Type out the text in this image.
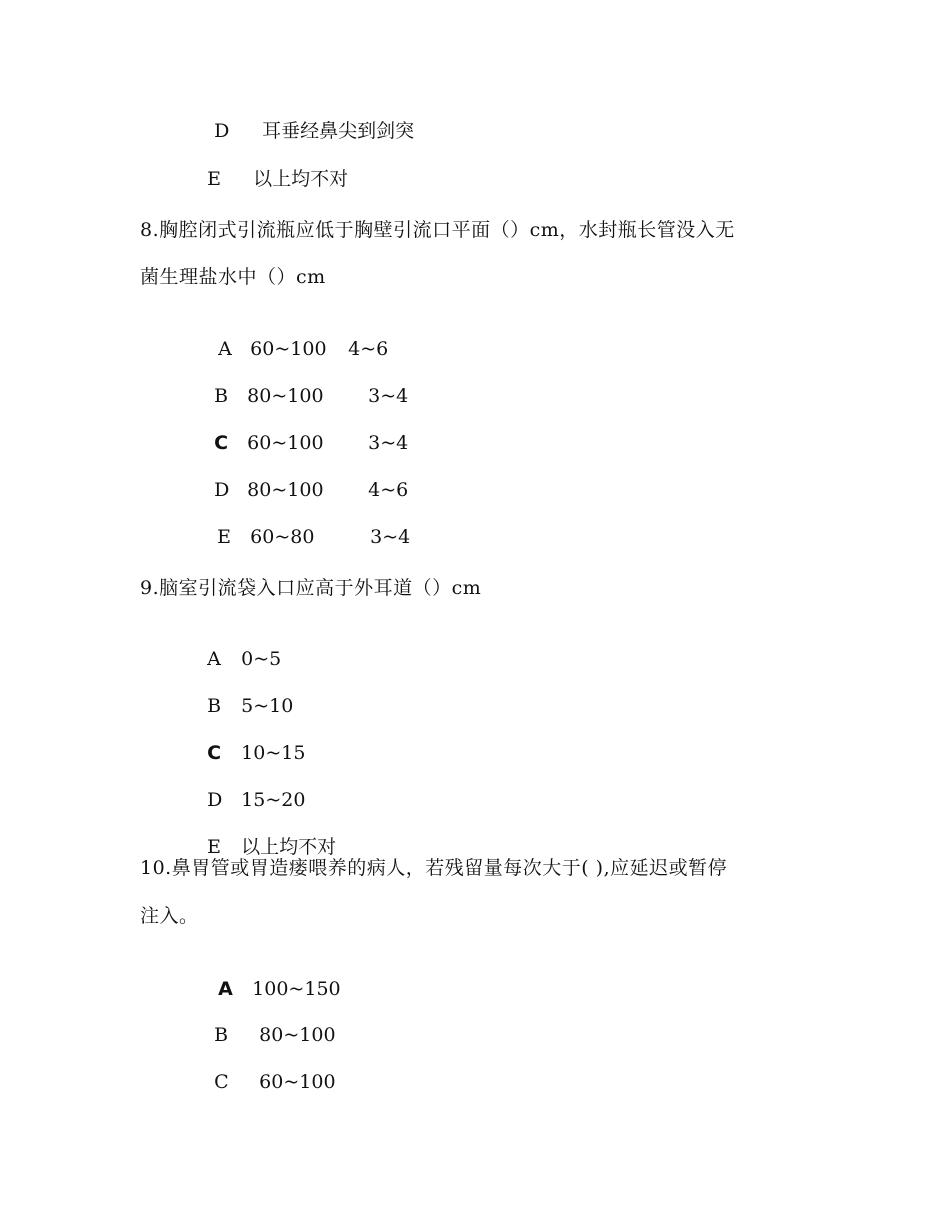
D 耳垂经鼻尖到剑突

E 以上均不对

8.胸腔闭式引流瓶应低于胸壁引流口平面（）cm，水封瓶长管没入无
菌生理盐水中（）cm

A 60~100 4~6

B 80~100 3~4

C 60~100 3~4

D 80~100 4~6

E 60~80	3~4

9.脑室引流袋入口应高于外耳道（）cm

A 0~5

B 5~10

C 10~15

D 15~20

E 以上均不对

10.鼻胃管或胃造瘘喂养的病人，若残留量每次大于( ),应延迟或暂停
注入。

A 100~150

B 80~100

C 60~100
